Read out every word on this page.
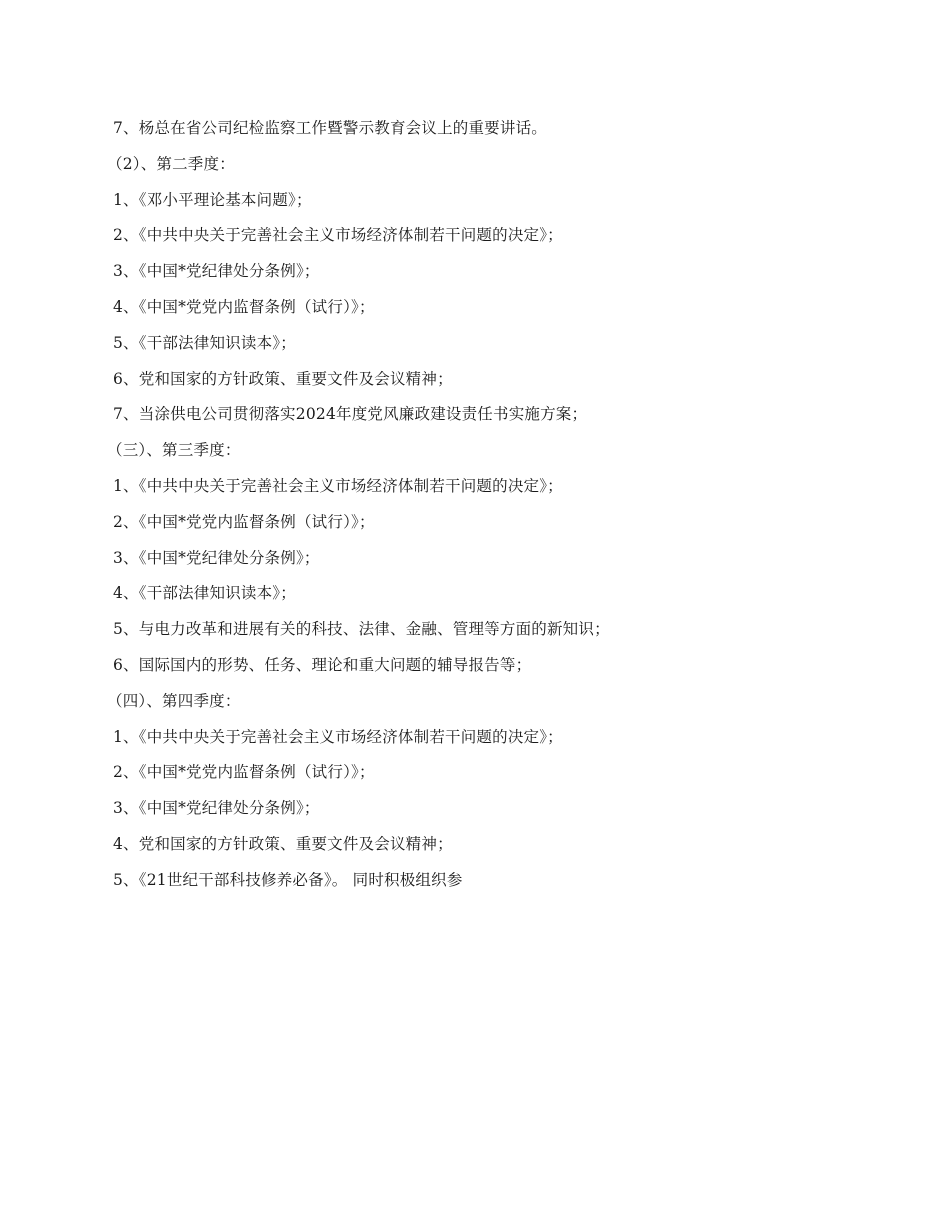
7、杨总在省公司纪检监察工作暨警示教育会议上的重要讲话。
（2）、第二季度：
1、《邓小平理论基本问题》；
2、《中共中央关于完善社会主义市场经济体制若干问题的决定》；
3、《中国*党纪律处分条例》；
4、《中国*党党内监督条例（试行）》；
5、《干部法律知识读本》；
6、党和国家的方针政策、重要文件及会议精神；
7、当涂供电公司贯彻落实2024年度党风廉政建设责任书实施方案；
（三）、第三季度：
1、《中共中央关于完善社会主义市场经济体制若干问题的决定》；
2、《中国*党党内监督条例（试行）》；
3、《中国*党纪律处分条例》；
4、《干部法律知识读本》；
5、与电力改革和进展有关的科技、法律、金融、管理等方面的新知识；
6、国际国内的形势、任务、理论和重大问题的辅导报告等；
（四）、第四季度：
1、《中共中央关于完善社会主义市场经济体制若干问题的决定》；
2、《中国*党党内监督条例（试行）》；
3、《中国*党纪律处分条例》；
4、党和国家的方针政策、重要文件及会议精神；
5、《21世纪干部科技修养必备》。 同时积极组织参
